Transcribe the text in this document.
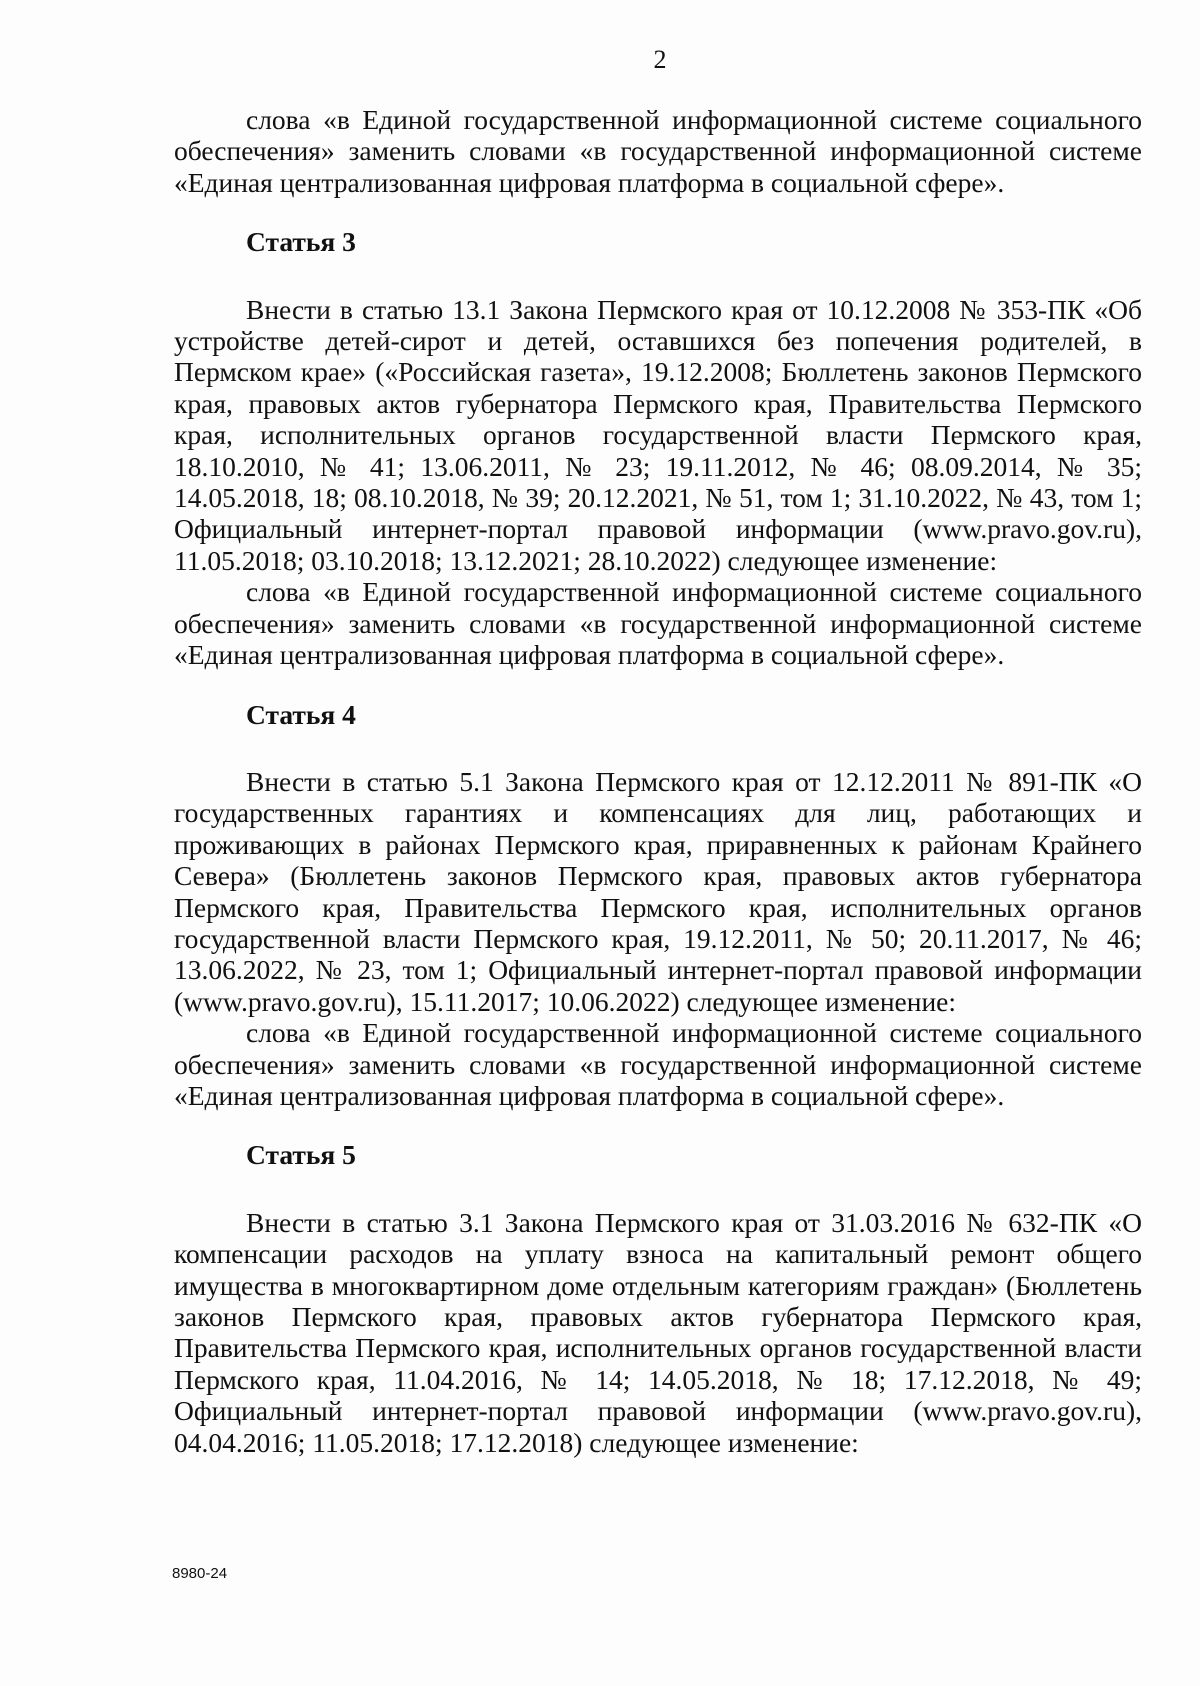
2

слова «в Единой государственной информационной системе социального обеспечения» заменить словами «в государственной информационной системе «Единая централизованная цифровая платформа в социальной сфере».

Статья 3

Внести в статью 13.1 Закона Пермского края от 10.12.2008 № 353-ПК «Об устройстве детей-сирот и детей, оставшихся без попечения родителей, в Пермском крае» («Российская газета», 19.12.2008; Бюллетень законов Пермского края, правовых актов губернатора Пермского края, Правительства Пермского края, исполнительных органов государственной власти Пермского края, 18.10.2010, № 41; 13.06.2011, № 23; 19.11.2012, № 46; 08.09.2014, № 35; 14.05.2018, 18; 08.10.2018, № 39; 20.12.2021, № 51, том 1; 31.10.2022, № 43, том 1; Официальный интернет-портал правовой информации (www.pravo.gov.ru), 11.05.2018; 03.10.2018; 13.12.2021; 28.10.2022) следующее изменение:

слова «в Единой государственной информационной системе социального обеспечения» заменить словами «в государственной информационной системе «Единая централизованная цифровая платформа в социальной сфере».

Статья 4

Внести в статью 5.1 Закона Пермского края от 12.12.2011 № 891-ПК «О государственных гарантиях и компенсациях для лиц, работающих и проживающих в районах Пермского края, приравненных к районам Крайнего Севера» (Бюллетень законов Пермского края, правовых актов губернатора Пермского края, Правительства Пермского края, исполнительных органов государственной власти Пермского края, 19.12.2011, № 50; 20.11.2017, № 46; 13.06.2022, № 23, том 1; Официальный интернет-портал правовой информации (www.pravo.gov.ru), 15.11.2017; 10.06.2022) следующее изменение:

слова «в Единой государственной информационной системе социального обеспечения» заменить словами «в государственной информационной системе «Единая централизованная цифровая платформа в социальной сфере».

Статья 5

Внести в статью 3.1 Закона Пермского края от 31.03.2016 № 632-ПК «О компенсации расходов на уплату взноса на капитальный ремонт общего имущества в многоквартирном доме отдельным категориям граждан» (Бюллетень законов Пермского края, правовых актов губернатора Пермского края, Правительства Пермского края, исполнительных органов государственной власти Пермского края, 11.04.2016, № 14; 14.05.2018, № 18; 17.12.2018, № 49; Официальный интернет-портал правовой информации (www.pravo.gov.ru), 04.04.2016; 11.05.2018; 17.12.2018) следующее изменение:

8980-24
